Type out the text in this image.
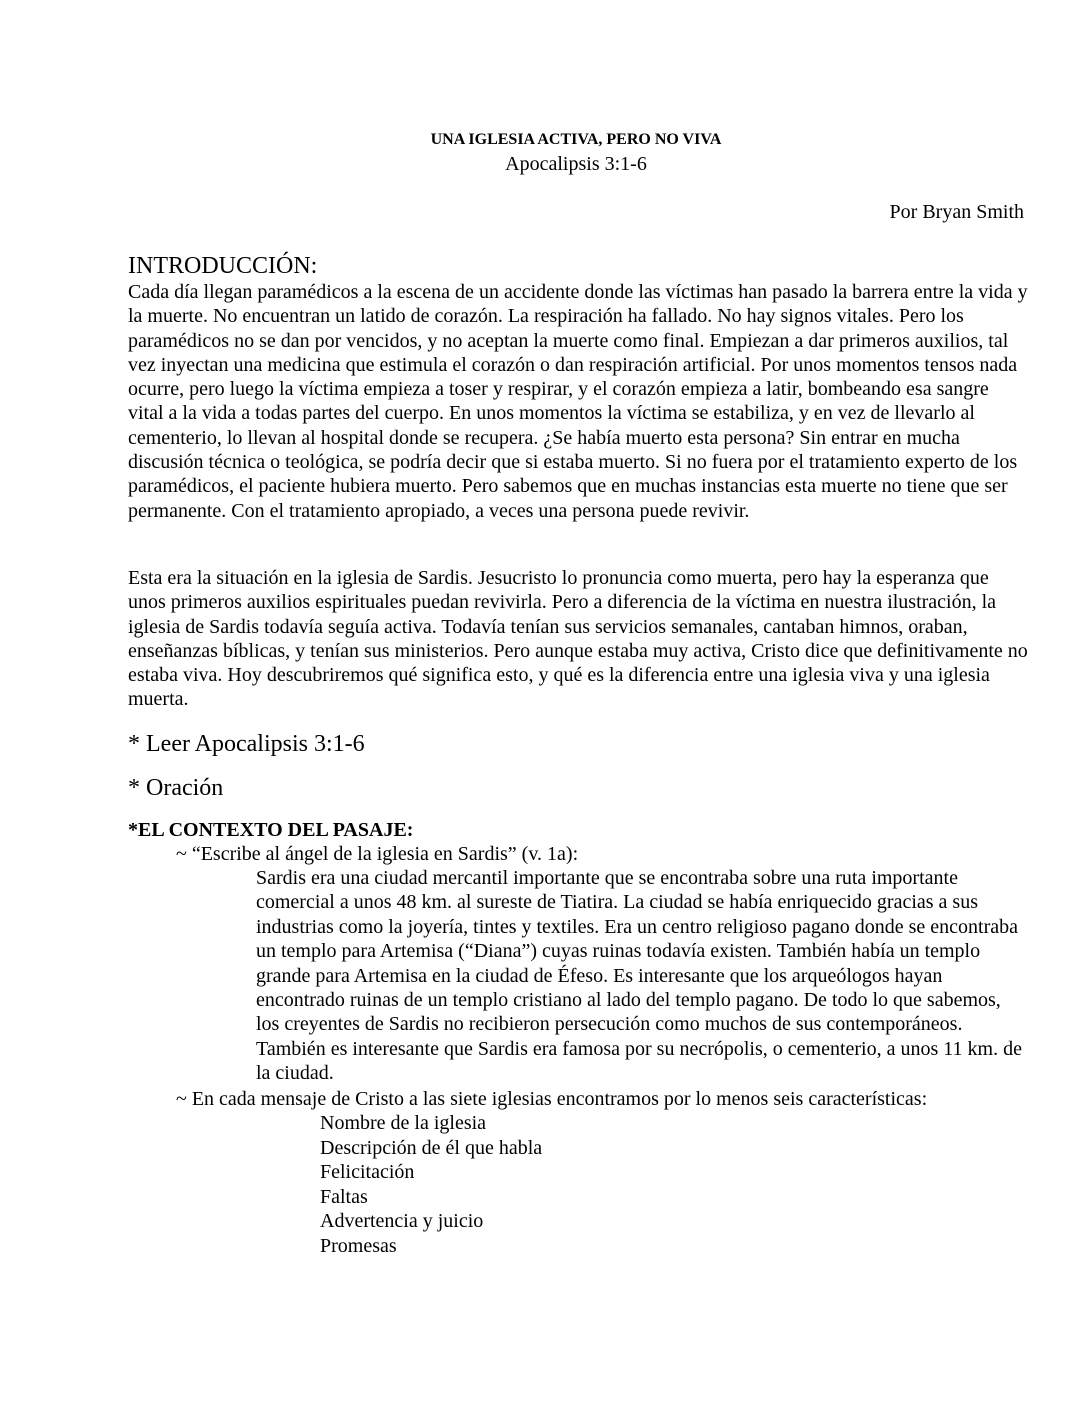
UNA IGLESIA ACTIVA, PERO NO VIVA
Apocalipsis 3:1-6
Por Bryan Smith
INTRODUCCIÓN:

Cada día llegan paramédicos a la escena de un accidente donde las víctimas han pasado la barrera entre la vida y la muerte. No encuentran un latido de corazón. La respiración ha fallado. No hay signos vitales. Pero los paramédicos no se dan por vencidos, y no aceptan la muerte como final. Empiezan a dar primeros auxilios, tal vez inyectan una medicina que estimula el corazón o dan respiración artificial. Por unos momentos tensos nada ocurre, pero luego la víctima empieza a toser y respirar, y el corazón empieza a latir, bombeando esa sangre vital a la vida a todas partes del cuerpo. En unos momentos la víctima se estabiliza, y en vez de llevarlo al cementerio, lo llevan al hospital donde se recupera. ¿Se había muerto esta persona? Sin entrar en mucha discusión técnica o teológica, se podría decir que si estaba muerto. Si no fuera por el tratamiento experto de los paramédicos, el paciente hubiera muerto. Pero sabemos que en muchas instancias esta muerte no tiene que ser permanente. Con el tratamiento apropiado, a veces una persona puede revivir.

Esta era la situación en la iglesia de Sardis. Jesucristo lo pronuncia como muerta, pero hay la esperanza que unos primeros auxilios espirituales puedan revivirla. Pero a diferencia de la víctima en nuestra ilustración, la iglesia de Sardis todavía seguía activa. Todavía tenían sus servicios semanales, cantaban himnos, oraban, enseñanzas bíblicas, y tenían sus ministerios. Pero aunque estaba muy activa, Cristo dice que definitivamente no estaba viva. Hoy descubriremos qué significa esto, y qué es la diferencia entre una iglesia viva y una iglesia muerta.

* Leer Apocalipsis 3:1-6
* Oración
*EL CONTEXTO DEL PASAJE:
~ “Escribe al ángel de la iglesia en Sardis” (v. 1a):

Sardis era una ciudad mercantil importante que se encontraba sobre una ruta importante comercial a unos 48 km. al sureste de Tiatira. La ciudad se había enriquecido gracias a sus industrias como la joyería, tintes y textiles. Era un centro religioso pagano donde se encontraba un templo para Artemisa (“Diana”) cuyas ruinas todavía existen. También había un templo grande para Artemisa en la ciudad de Éfeso. Es interesante que los arqueólogos hayan encontrado ruinas de un templo cristiano al lado del templo pagano. De todo lo que sabemos, los creyentes de Sardis no recibieron persecución como muchos de sus contemporáneos. También es interesante que Sardis era famosa por su necrópolis, o cementerio, a unos 11 km. de la ciudad.

~ En cada mensaje de Cristo a las siete iglesias encontramos por lo menos seis características:
Nombre de la iglesia
Descripción de él que habla
Felicitación
Faltas
Advertencia y juicio
Promesas
